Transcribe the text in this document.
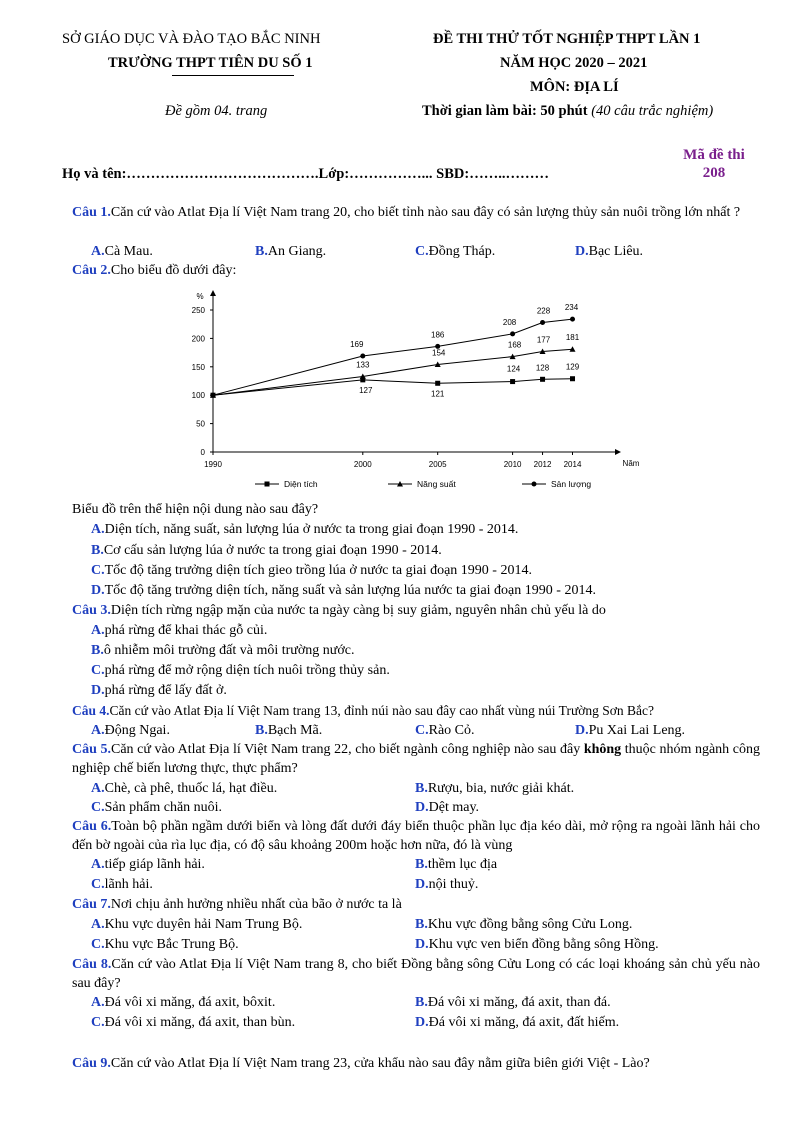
SỞ GIÁO DỤC VÀ ĐÀO TẠO BẮC NINH
TRƯỜNG THPT TIÊN DU SỐ 1
Đề gồm 04. trang
ĐỀ THI THỬ TỐT NGHIỆP THPT LẦN 1
NĂM HỌC 2020 – 2021
MÔN: ĐỊA LÍ
Thời gian làm bài: 50 phút (40 câu trắc nghiệm)
Mã đề thi
208
Họ và tên:………………………………….Lớp:……………... SBD:……..………
Câu 1.Căn cứ vào Atlat Địa lí Việt Nam trang 20, cho biết tỉnh nào sau đây có sản lượng thủy sản nuôi trồng lớn nhất ?
A.Cà Mau.	B.An Giang.	C.Đồng Tháp.	D.Bạc Liêu.
Câu 2.Cho biểu đồ dưới đây:
0
50
100
150
200
250
%
1990	2000	2005	2010 2012 2014	Năm
169
186
208
228 234
133
154
168
177 181
127	121
124 128 129
Diện tích	Năng suất	Sản lượng
Biểu đồ trên thể hiện nội dung nào sau đây?
A.Diện tích, năng suất, sản lượng lúa ở nước ta trong giai đoạn 1990 - 2014.
B.Cơ cấu sản lượng lúa ở nước ta trong giai đoạn 1990 - 2014.
C.Tốc độ tăng trưởng diện tích gieo trồng lúa ở nước ta giai đoạn 1990 - 2014.
D.Tốc độ tăng trưởng diện tích, năng suất và sản lượng lúa nước ta giai đoạn 1990 - 2014.
Câu 3.Diện tích rừng ngập mặn của nước ta ngày càng bị suy giảm, nguyên nhân chủ yếu là do
A.phá rừng để khai thác gỗ củi.
B.ô nhiễm môi trường đất và môi trường nước.
C.phá rừng để mở rộng diện tích nuôi trồng thủy sản.
D.phá rừng để lấy đất ở.
Câu 4.Căn cứ vào Atlat Địa lí Việt Nam trang 13, đỉnh núi nào sau đây cao nhất vùng núi Trường Sơn Bắc?
A.Động Ngai.	B.Bạch Mã.	C.Rào Cỏ.	D.Pu Xai Lai Leng.
Câu 5.Căn cứ vào Atlat Địa lí Việt Nam trang 22, cho biết ngành công nghiệp nào sau đây không thuộc nhóm ngành công nghiệp chế biến lương thực, thực phẩm?
A.Chè, cà phê, thuốc lá, hạt điều.	B.Rượu, bia, nước giải khát.
C.Sản phẩm chăn nuôi.	D.Dệt may.
Câu 6.Toàn bộ phần ngầm dưới biển và lòng đất dưới đáy biển thuộc phần lục địa kéo dài, mở rộng ra ngoài lãnh hải cho đến bờ ngoài của rìa lục địa, có độ sâu khoảng 200m hoặc hơn nữa, đó là vùng
A.tiếp giáp lãnh hải.	B.thềm lục địa
C.lãnh hải.	D.nội thuỷ.
Câu 7.Nơi chịu ảnh hưởng nhiều nhất của bão ở nước ta là
A.Khu vực duyên hải Nam Trung Bộ.	B.Khu vực đồng bằng sông Cửu Long.
C.Khu vực Bắc Trung Bộ.	D.Khu vực ven biển đồng bằng sông Hồng.
Câu 8.Căn cứ vào Atlat Địa lí Việt Nam trang 8, cho biết Đồng bằng sông Cửu Long có các loại khoáng sản chủ yếu nào sau đây?
A.Đá vôi xi măng, đá axit, bôxit.	B.Đá vôi xi măng, đá axit, than đá.
C.Đá vôi xi măng, đá axit, than bùn.	D.Đá vôi xi măng, đá axit, đất hiếm.
Câu 9.Căn cứ vào Atlat Địa lí Việt Nam trang 23, cửa khẩu nào sau đây nằm giữa biên giới Việt - Lào?
